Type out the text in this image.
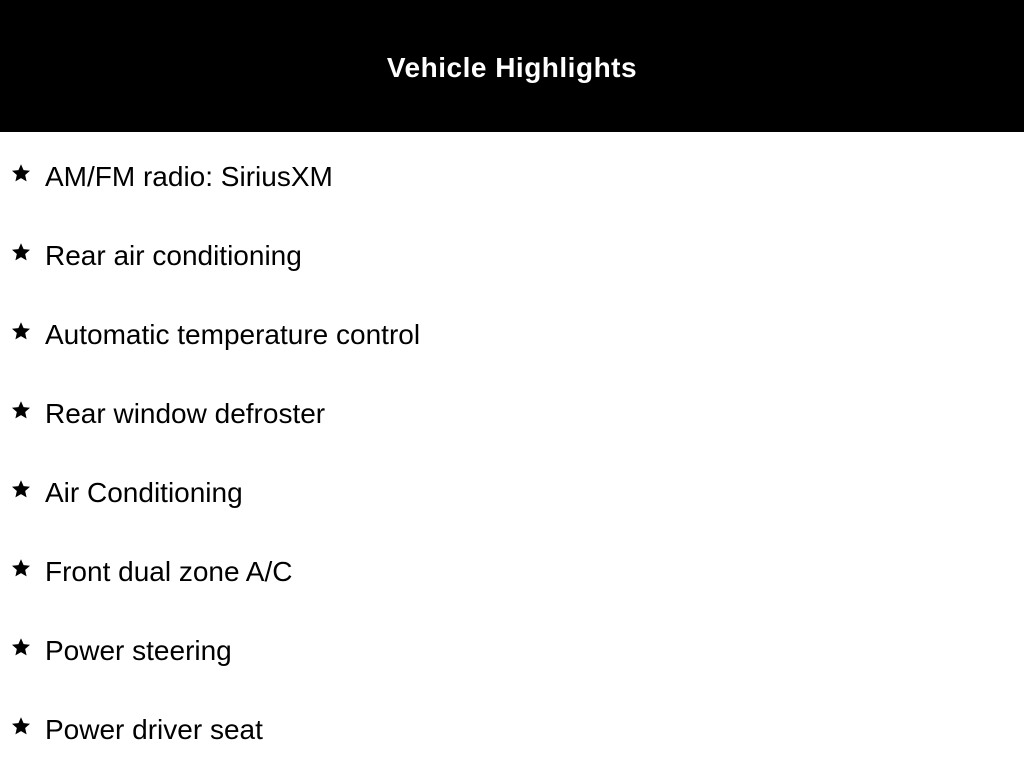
Vehicle Highlights
AM/FM radio: SiriusXM
Rear air conditioning
Automatic temperature control
Rear window defroster
Air Conditioning
Front dual zone A/C
Power steering
Power driver seat
